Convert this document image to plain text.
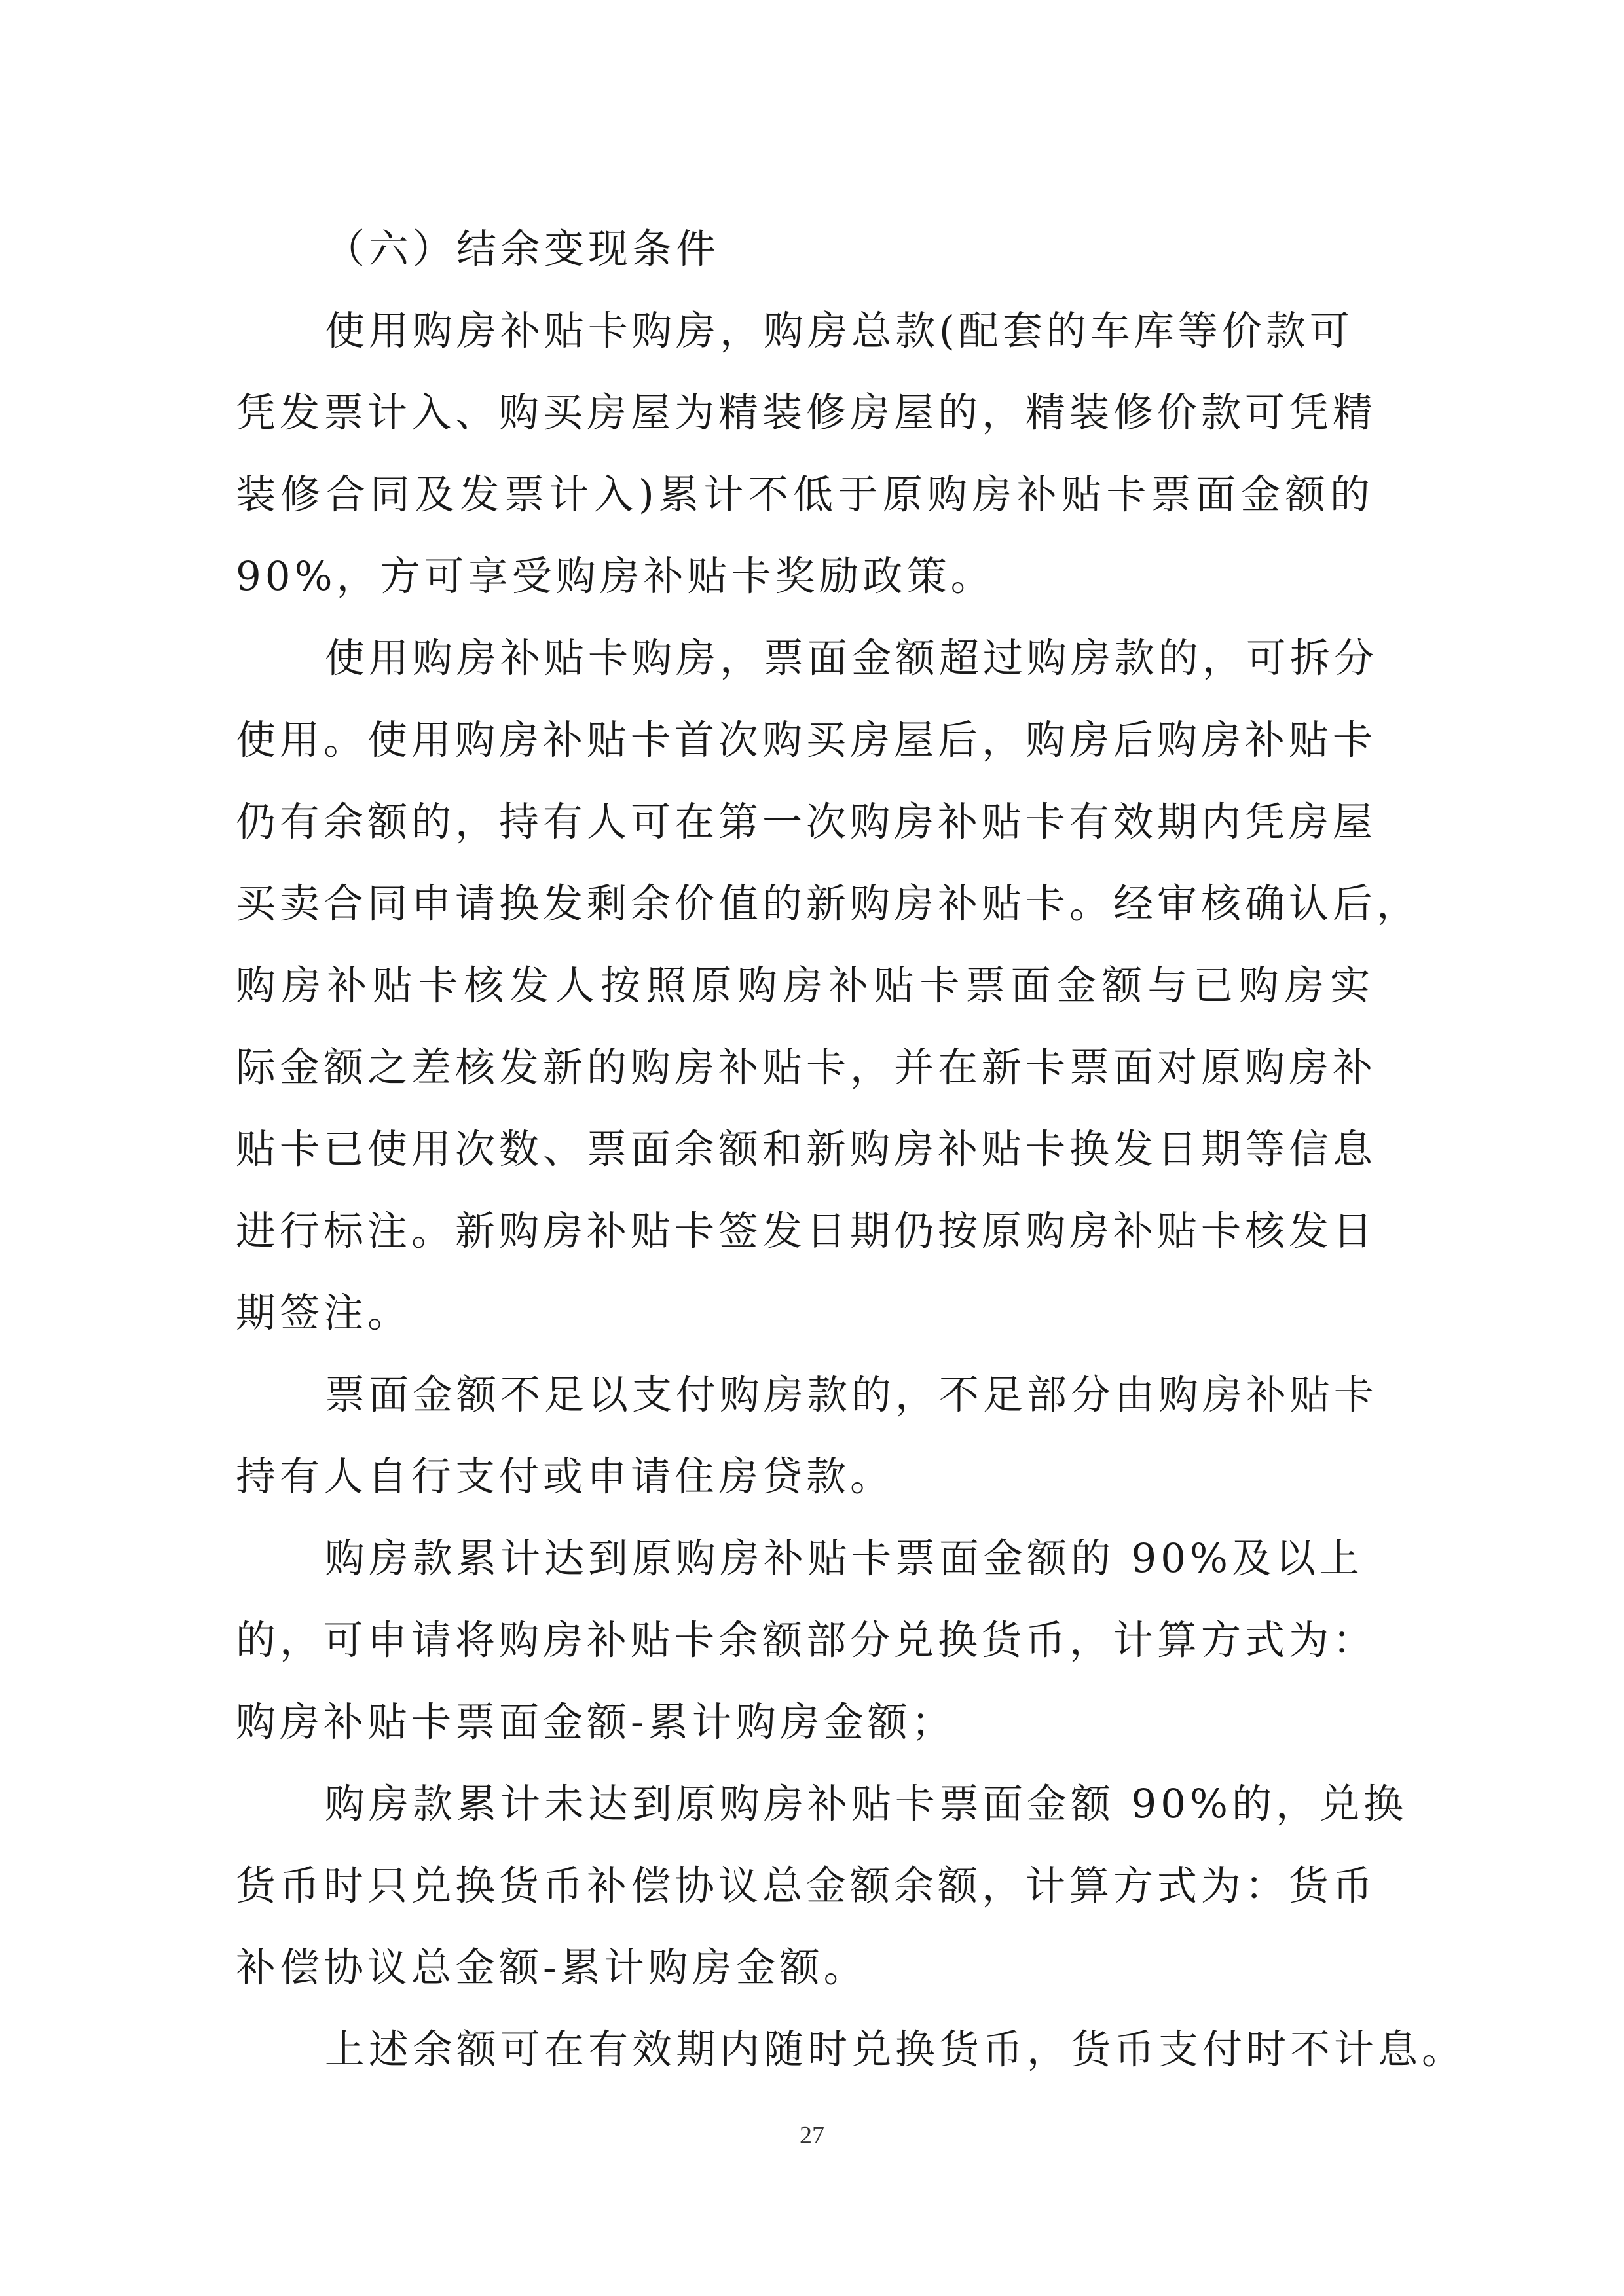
（六）结余变现条件
使用购房补贴卡购房，购房总款(配套的车库等价款可
凭发票计入、购买房屋为精装修房屋的，精装修价款可凭精
装修合同及发票计入)累计不低于原购房补贴卡票面金额的
90%，方可享受购房补贴卡奖励政策。
使用购房补贴卡购房，票面金额超过购房款的，可拆分
使用。使用购房补贴卡首次购买房屋后，购房后购房补贴卡
仍有余额的，持有人可在第一次购房补贴卡有效期内凭房屋
买卖合同申请换发剩余价值的新购房补贴卡。经审核确认后，
购房补贴卡核发人按照原购房补贴卡票面金额与已购房实
际金额之差核发新的购房补贴卡，并在新卡票面对原购房补
贴卡已使用次数、票面余额和新购房补贴卡换发日期等信息
进行标注。新购房补贴卡签发日期仍按原购房补贴卡核发日
期签注。
票面金额不足以支付购房款的，不足部分由购房补贴卡
持有人自行支付或申请住房贷款。
购房款累计达到原购房补贴卡票面金额的 90%及以上
的，可申请将购房补贴卡余额部分兑换货币，计算方式为：
购房补贴卡票面金额-累计购房金额；
购房款累计未达到原购房补贴卡票面金额 90%的，兑换
货币时只兑换货币补偿协议总金额余额，计算方式为：货币
补偿协议总金额-累计购房金额。
上述余额可在有效期内随时兑换货币，货币支付时不计息。
27
